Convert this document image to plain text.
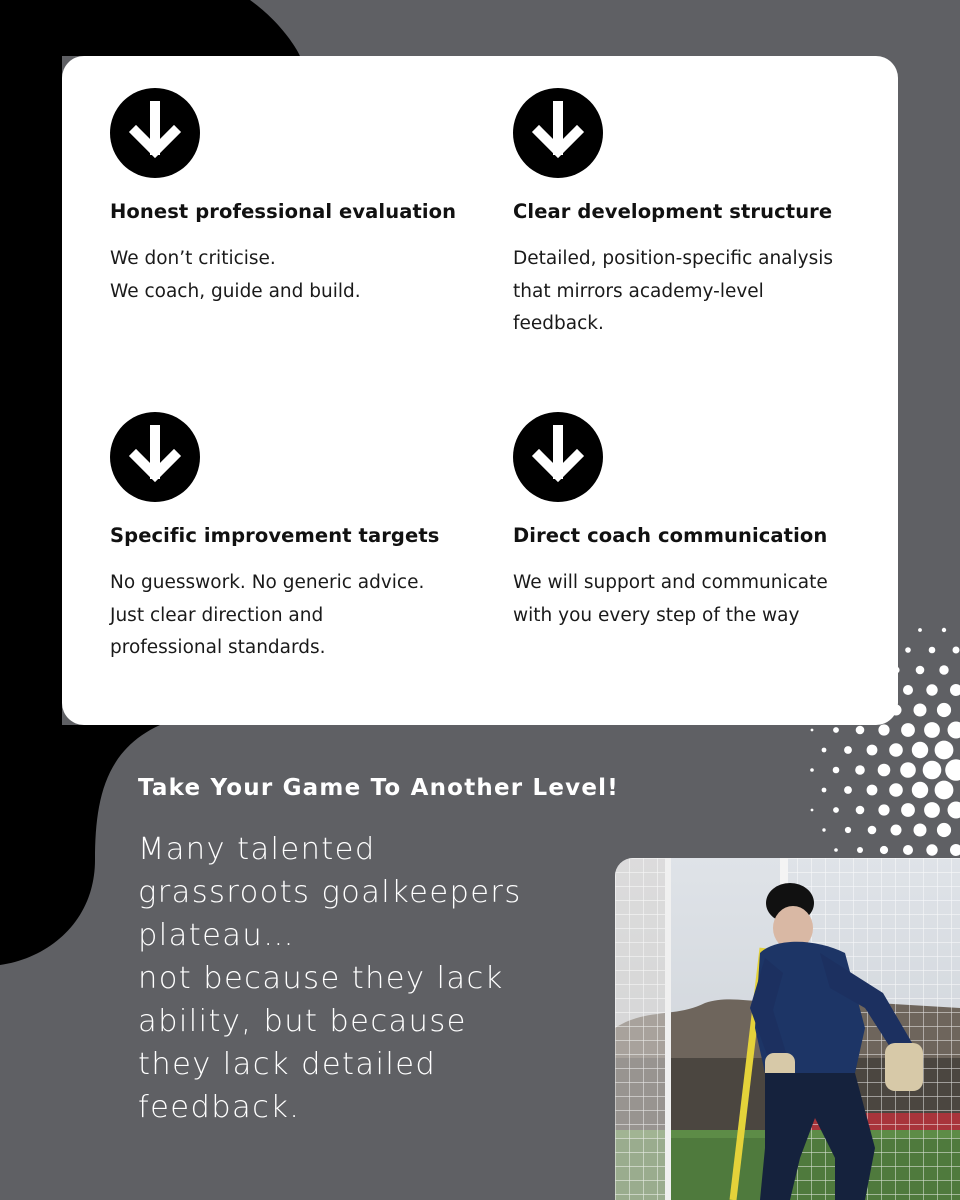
Honest professional evaluation
We don’t criticise.
We coach, guide and build.
Clear development structure
Detailed, position-specific analysis
that mirrors academy-level
feedback.
Specific improvement targets
No guesswork. No generic advice.
Just clear direction and
professional standards.
Direct coach communication
We will support and communicate
with you every step of the way
Take Your Game To Another Level!
Many talented
grassroots goalkeepers
plateau…
not because they lack
ability, but because
they lack detailed
feedback.
